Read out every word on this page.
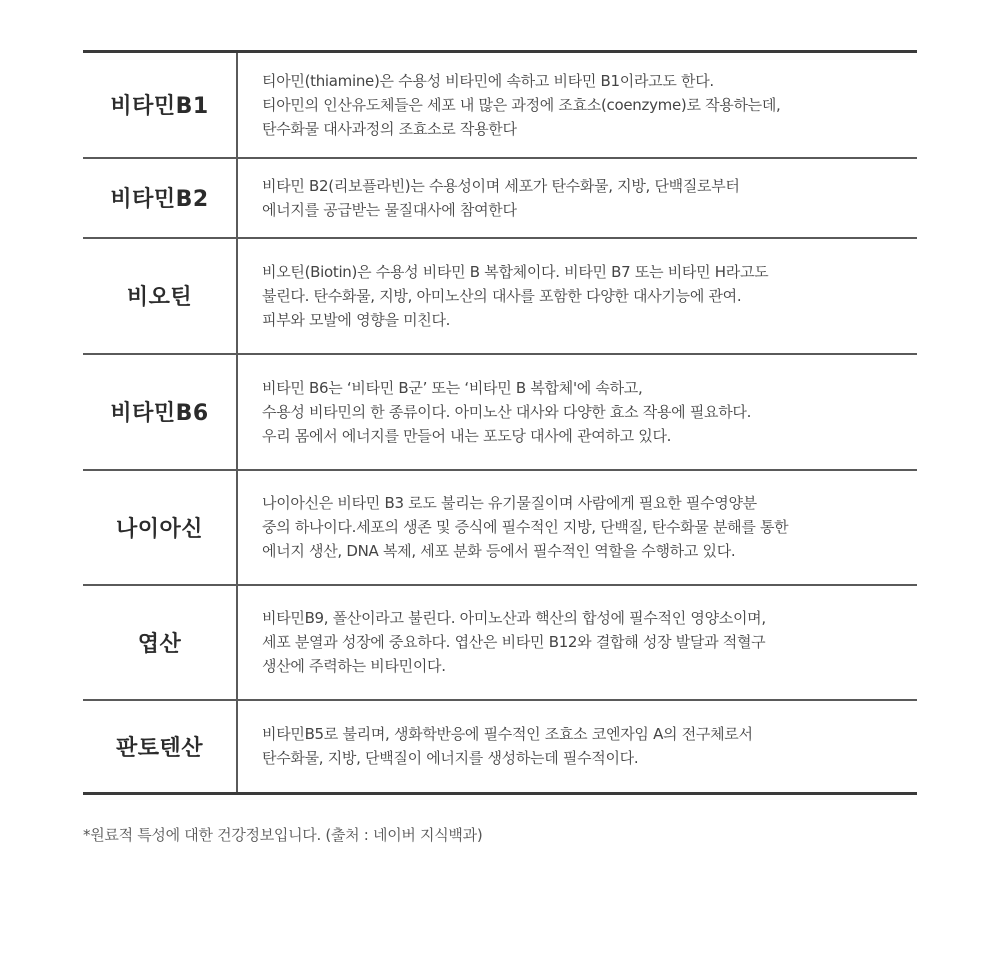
비타민B1	티아민(thiamine)은 수용성 비타민에 속하고 비타민 B1이라고도 한다.
티아민의 인산유도체들은 세포 내 많은 과정에 조효소(coenzyme)로 작용하는데,
탄수화물 대사과정의 조효소로 작용한다

비타민B2	비타민 B2(리보플라빈)는 수용성이며 세포가 탄수화물, 지방, 단백질로부터
에너지를 공급받는 물질대사에 참여한다

비오틴	비오틴(Biotin)은 수용성 비타민 B 복합체이다. 비타민 B7 또는 비타민 H라고도
불린다. 탄수화물, 지방, 아미노산의 대사를 포함한 다양한 대사기능에 관여.
피부와 모발에 영향을 미친다.

비타민B6	비타민 B6는 ‘비타민 B군’ 또는 ‘비타민 B 복합체'에 속하고,
수용성 비타민의 한 종류이다. 아미노산 대사와 다양한 효소 작용에 필요하다.
우리 몸에서 에너지를 만들어 내는 포도당 대사에 관여하고 있다.

나이아신	나이아신은 비타민 B3 로도 불리는 유기물질이며 사람에게 필요한 필수영양분
중의 하나이다.세포의 생존 및 증식에 필수적인 지방, 단백질, 탄수화물 분해를 통한
에너지 생산, DNA 복제, 세포 분화 등에서 필수적인 역할을 수행하고 있다.

엽산	비타민B9, 폴산이라고 불린다. 아미노산과 핵산의 합성에 필수적인 영양소이며,
세포 분열과 성장에 중요하다. 엽산은 비타민 B12와 결합해 성장 발달과 적혈구
생산에 주력하는 비타민이다.

판토텐산	비타민B5로 불리며, 생화학반응에 필수적인 조효소 코엔자임 A의 전구체로서
탄수화물, 지방, 단백질이 에너지를 생성하는데 필수적이다.
*원료적 특성에 대한 건강정보입니다. (출처 : 네이버 지식백과)
